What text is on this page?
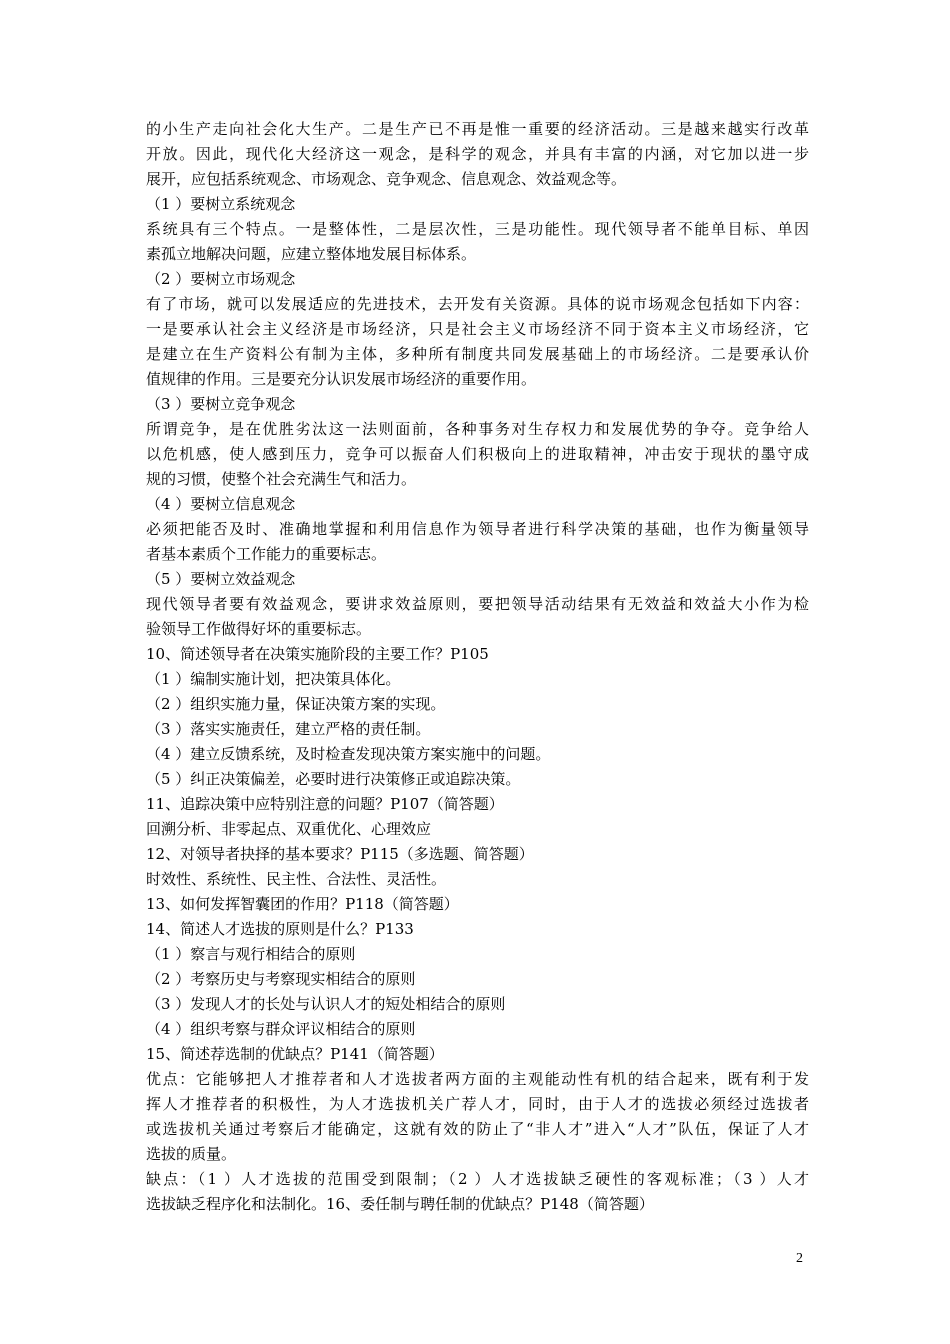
的小生产走向社会化大生产。二是生产已不再是惟一重要的经济活动。三是越来越实行改革
开放。因此，现代化大经济这一观念，是科学的观念，并具有丰富的内涵，对它加以进一步
展开，应包括系统观念、市场观念、竞争观念、信息观念、效益观念等。
（1 ）要树立系统观念
系统具有三个特点。一是整体性，二是层次性，三是功能性。现代领导者不能单目标、单因
素孤立地解决问题，应建立整体地发展目标体系。
（2 ）要树立市场观念
有了市场，就可以发展适应的先进技术，去开发有关资源。具体的说市场观念包括如下内容：
一是要承认社会主义经济是市场经济，只是社会主义市场经济不同于资本主义市场经济，它
是建立在生产资料公有制为主体，多种所有制度共同发展基础上的市场经济。二是要承认价
值规律的作用。三是要充分认识发展市场经济的重要作用。
（3 ）要树立竞争观念
所谓竞争，是在优胜劣汰这一法则面前，各种事务对生存权力和发展优势的争夺。竞争给人
以危机感，使人感到压力，竞争可以振奋人们积极向上的进取精神，冲击安于现状的墨守成
规的习惯，使整个社会充满生气和活力。
（4 ）要树立信息观念
必须把能否及时、准确地掌握和利用信息作为领导者进行科学决策的基础，也作为衡量领导
者基本素质个工作能力的重要标志。
（5 ）要树立效益观念
现代领导者要有效益观念，要讲求效益原则，要把领导活动结果有无效益和效益大小作为检
验领导工作做得好坏的重要标志。
10、简述领导者在决策实施阶段的主要工作？P105
（1 ）编制实施计划，把决策具体化。
（2 ）组织实施力量，保证决策方案的实现。
（3 ）落实实施责任，建立严格的责任制。
（4 ）建立反馈系统，及时检查发现决策方案实施中的问题。
（5 ）纠正决策偏差，必要时进行决策修正或追踪决策。
11、追踪决策中应特别注意的问题？P107（简答题）
回溯分析、非零起点、双重优化、心理效应
12、对领导者抉择的基本要求？P115（多选题、简答题）
时效性、系统性、民主性、合法性、灵活性。
13、如何发挥智囊团的作用？P118（简答题）
14、简述人才选拔的原则是什么？P133
（1 ）察言与观行相结合的原则
（2 ）考察历史与考察现实相结合的原则
（3 ）发现人才的长处与认识人才的短处相结合的原则
（4 ）组织考察与群众评议相结合的原则
15、简述荐选制的优缺点？P141（简答题）
优点：它能够把人才推荐者和人才选拔者两方面的主观能动性有机的结合起来，既有利于发
挥人才推荐者的积极性，为人才选拔机关广荐人才，同时，由于人才的选拔必须经过选拔者
或选拔机关通过考察后才能确定，这就有效的防止了“非人才”进入“人才”队伍，保证了人才
选拔的质量。
缺点：（1 ）人才选拔的范围受到限制；（2 ）人才选拔缺乏硬性的客观标准；（3 ）人才
选拔缺乏程序化和法制化。16、委任制与聘任制的优缺点？P148（简答题）
2
